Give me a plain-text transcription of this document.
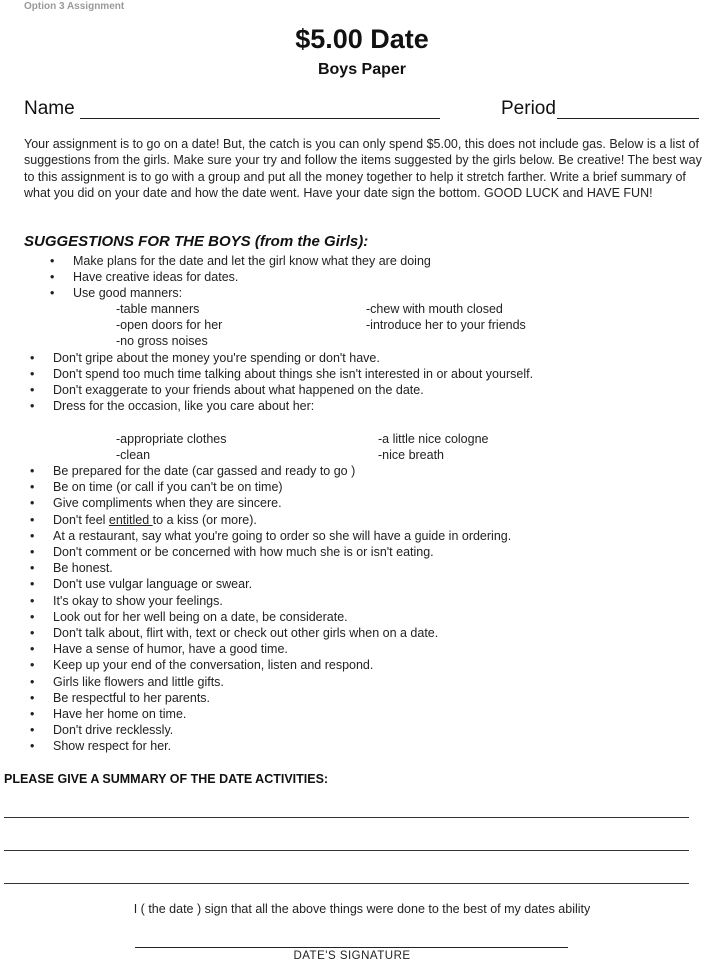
Option 3 Assignment
$5.00 Date
Boys Paper
Name	Period
Your assignment is to go on a date! But, the catch is you can only spend $5.00, this does not include gas. Below is a list of suggestions from the girls. Make sure your try and follow the items suggested by the girls below. Be creative! The best way to this assignment is to go with a group and put all the money together to help it stretch farther. Write a brief summary of what you did on your date and how the date went. Have your date sign the bottom. GOOD LUCK and HAVE FUN!
SUGGESTIONS FOR THE BOYS (from the Girls):
• Make plans for the date and let the girl know what they are doing
• Have creative ideas for dates.
• Use good manners:
-table manners
-open doors for her
-no gross noises
-chew with mouth closed
-introduce her to your friends
• Don't gripe about the money you're spending or don't have.
• Don't spend too much time talking about things she isn't interested in or about yourself.
• Don't exaggerate to your friends about what happened on the date.
• Dress for the occasion, like you care about her:
-appropriate clothes
-clean
-a little nice cologne
-nice breath
• Be prepared for the date (car gassed and ready to go )
• Be on time (or call if you can't be on time)
• Give compliments when they are sincere.
• Don't feel entitled to a kiss (or more).
• At a restaurant, say what you're going to order so she will have a guide in ordering.
• Don't comment or be concerned with how much she is or isn't eating.
• Be honest.
• Don't use vulgar language or swear.
• It's okay to show your feelings.
• Look out for her well being on a date, be considerate.
• Don't talk about, flirt with, text or check out other girls when on a date.
• Have a sense of humor, have a good time.
• Keep up your end of the conversation, listen and respond.
• Girls like flowers and little gifts.
• Be respectful to her parents.
• Have her home on time.
• Don't drive recklessly.
• Show respect for her.
PLEASE GIVE A SUMMARY OF THE DATE ACTIVITIES:
I ( the date ) sign that all the above things were done to the best of my dates ability
DATE'S SIGNATURE
